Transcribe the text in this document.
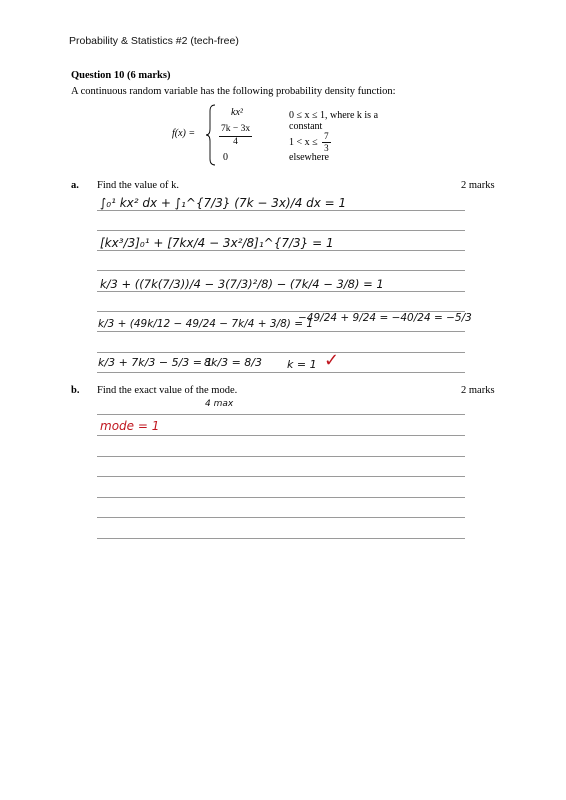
Probability & Statistics #2 (tech-free)
Question 10 (6 marks)
A continuous random variable has the following probability density function:
f(x) =
kx²	0 ≤ x ≤ 1, where k is a constant
$\frac{7k - 3x}{4}$	$1 < x \le \frac{7}{3}$
0	elsewhere
a. Find the value of k.	2 marks
∫₀¹ kx² dx + ∫₁^{7/3} (7k − 3x)/4 dx = 1
[kx³/3]₀¹ + [7kx/4 − 3x²/8]₁^{7/3} = 1
k/3 + ((7k(7/3))/4 − 3(7/3)²/8) − (7k/4 − 3/8) = 1
k/3 + (49k/12 − 49/24 − 7k/4 + 3/8) = 1
−49/24 + 9/24 = −40/24 = −5/3
k/3 + 7k/3 − 5/3 = 1
8k/3 = 8/3 k = 1 ✓
b. Find the exact value of the mode.	2 marks
4 max
mode = 1
